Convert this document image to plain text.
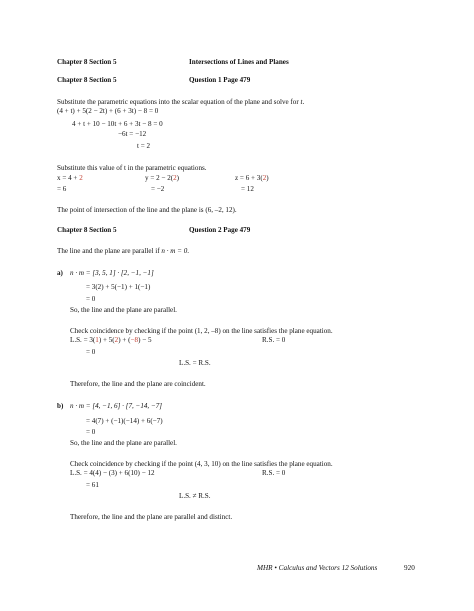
Chapter 8 Section 5	Intersections of Lines and Planes
Chapter 8 Section 5	Question 1 Page 479
Substitute the parametric equations into the scalar equation of the plane and solve for t.
(4 + t) + 5(2 − 2t) + (6 + 3t) − 8 = 0
4 + t + 10 − 10t + 6 + 3t − 8 = 0
−6t = −12
t = 2
Substitute this value of t in the parametric equations.
x = 4 + 2	y = 2 − 2(2)	z = 6 + 3(2)
= 6	= −2	= 12
The point of intersection of the line and the plane is (6, –2, 12).
Chapter 8 Section 5	Question 2 Page 479
The line and the plane are parallel if n · m = 0.
a) n · m = [3, 5, 1] · [2, −1, −1]
= 3(2) + 5(−1) + 1(−1)
= 0
So, the line and the plane are parallel.
Check coincidence by checking if the point (1, 2, –8) on the line satisfies the plane equation.
L.S. = 3(1) + 5(2) + (−8) − 5	R.S. = 0
= 0
L.S. = R.S.
Therefore, the line and the plane are coincident.
b) n · m = [4, −1, 6] · [7, −14, −7]
= 4(7) + (−1)(−14) + 6(−7)
= 0
So, the line and the plane are parallel.
Check coincidence by checking if the point (4, 3, 10) on the line satisfies the plane equation.
L.S. = 4(4) − (3) + 6(10) − 12	R.S. = 0
= 61
L.S. ≠ R.S.
Therefore, the line and the plane are parallel and distinct.
MHR • Calculus and Vectors 12 Solutions	920
